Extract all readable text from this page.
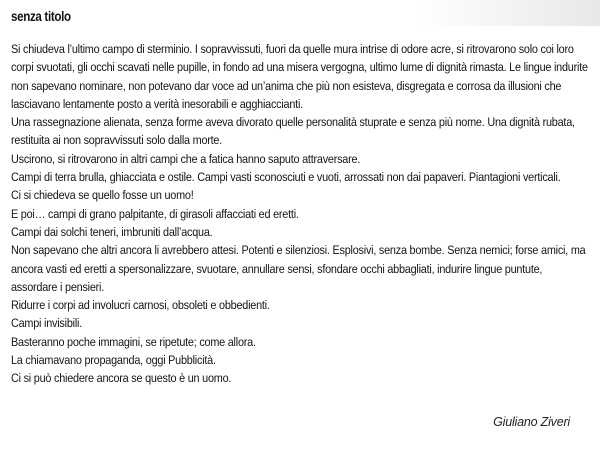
senza titolo

Si chiudeva l’ultimo campo di sterminio. I sopravvissuti, fuori da quelle mura intrise di odore acre, si ritrovarono solo coi loro corpi svuotati, gli occhi scavati nelle pupille, in fondo ad una misera vergogna, ultimo lume di dignità rimasta. Le lingue indurite non sapevano nominare, non potevano dar voce ad un’anima che più non esisteva, disgregata e corrosa da illusioni che lasciavano lentamente posto a verità inesorabili e agghiaccianti.

Una rassegnazione alienata, senza forme aveva divorato quelle personalità stuprate e senza più nome. Una dignità rubata, restituita ai non sopravvissuti solo dalla morte.

Uscirono, si ritrovarono in altri campi che a fatica hanno saputo attraversare.

Campi di terra brulla, ghiacciata e ostile. Campi vasti sconosciuti e vuoti, arrossati non dai papaveri. Piantagioni verticali.

Ci si chiedeva se quello fosse un uomo!

E poi… campi di grano palpitante, di girasoli affacciati ed eretti.

Campi dai solchi teneri, imbruniti dall’acqua.

Non sapevano che altri ancora li avrebbero attesi. Potenti e silenziosi. Esplosivi, senza bombe. Senza nemici; forse amici, ma ancora vasti ed eretti a spersonalizzare, svuotare, annullare sensi, sfondare occhi abbagliati, indurire lingue puntute, assordare i pensieri.

Ridurre i corpi ad involucri carnosi, obsoleti e obbedienti.

Campi invisibili.

Basteranno poche immagini, se ripetute; come allora.

La chiamavano propaganda, oggi Pubblicità.

Ci si può chiedere ancora se questo è un uomo.

Giuliano Ziveri
